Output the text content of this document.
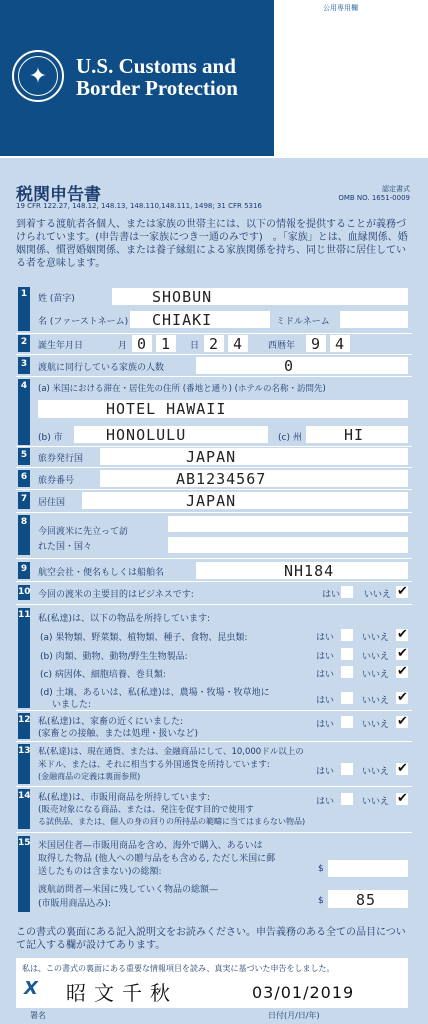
✦	U.S. Customs and
Border Protection
公用専用欄
税関申告書
19 CFR 122.27, 148.12, 148.13, 148.110,148.111, 1498; 31 CFR 5316
認定書式
OMB NO. 1651-0009
到着する渡航者各個人、または家族の世帯主には、以下の情報を提供することが義務づけられています。(申告書は一家族につき一通のみです)　。「家族」とは、血縁関係、婚姻関係、慣習婚姻関係、または養子縁組による家族関係を持ち、同じ世帯に居住している者を意味します。
1	姓 (苗字)	SHOBUN
名 (ファーストネーム) CHIAKI	ミドルネーム
2	誕生年月日	月 0 1 日 2 4	西暦年 9 4
3	渡航に同行している家族の人数	0
4	(a) 米国における滞在・居住先の住所 (番地と通り) (ホテルの名称・訪問先)
HOTEL HAWAII
(b) 市	HONOLULU	(c) 州	HI
5	旅券発行国	JAPAN
6	旅券番号	AB1234567
7	居住国	JAPAN
8
今回渡米に先立って訪
れた国・国々
9	航空会社・便名もしくは船舶名	NH184
10 今回の渡米の主要目的はビジネスです:	はい	いいえ ✔
11 私(私達)は、以下の物品を所持しています:
(a) 果物類、野菜類、植物類、種子、食物、昆虫類:	はい	いいえ ✔
(b) 肉類、動物、動物/野生生物製品:	はい	いいえ ✔
(c) 病因体、細胞培養、巻貝類:	はい	いいえ ✔
(d) 土壌、あるいは、私(私達)は、農場・牧場・牧草地に
いました:	はい	いいえ ✔
12 私(私達)は、家畜の近くにいました:
(家畜との接触、または処理・扱いなど)
はい	いいえ ✔
13 私(私達)は、現在通貨、または、金融商品にして、10,000ドル以上の
米ドル、または、それに相当する外国通貨を所持しています:
(金融商品の定義は裏面参照)	はい	いいえ ✔
14 私(私達)は、市販用商品を所持しています:
(販売対象になる商品、または、発注を促す目的で使用す
る試供品、または、個人の身の回りの所持品の範疇に当てはまらない物品)
はい	いいえ ✔
15 米国居住者—市販用商品を含め、海外で購入、あるいは
取得した物品 (他人への贈与品をも含める, ただし米国に郵
送したものは含まない)の総額:	$
渡航訪問者—米国に残していく物品の総額—
(市販用商品込み):	$ 85
この書式の裏面にある記入説明文をお読みください。申告義務のある全ての品目について記入する欄が設けてあります。
私は、この書式の裏面にある重要な情報項目を読み、真実に基づいた申告をしました。
X 昭文千秋	03/01/2019
署名	日付(月/日/年)
